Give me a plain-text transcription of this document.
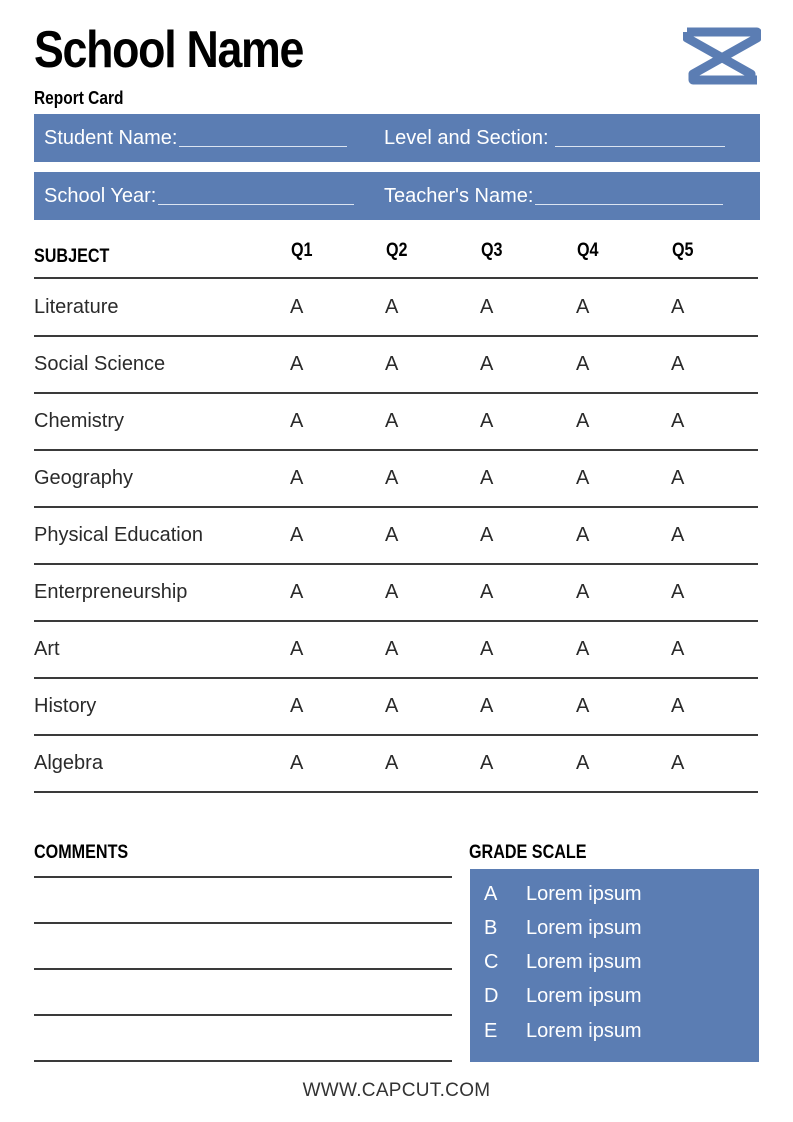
School Name
Report Card
Student Name:	Level and Section:
School Year:	Teacher's Name:
SUBJECT	Q1	Q2	Q3	Q4	Q5
Literature	A	A	A	A	A
Social Science	A	A	A	A	A
Chemistry	A	A	A	A	A
Geography	A	A	A	A	A
Physical Education	A	A	A	A	A
Enterpreneurship	A	A	A	A	A
Art	A	A	A	A	A
History	A	A	A	A	A
Algebra	A	A	A	A	A
COMMENTS	GRADE SCALE
A Lorem ipsum
B Lorem ipsum
C Lorem ipsum
D Lorem ipsum
E Lorem ipsum
WWW.CAPCUT.COM
